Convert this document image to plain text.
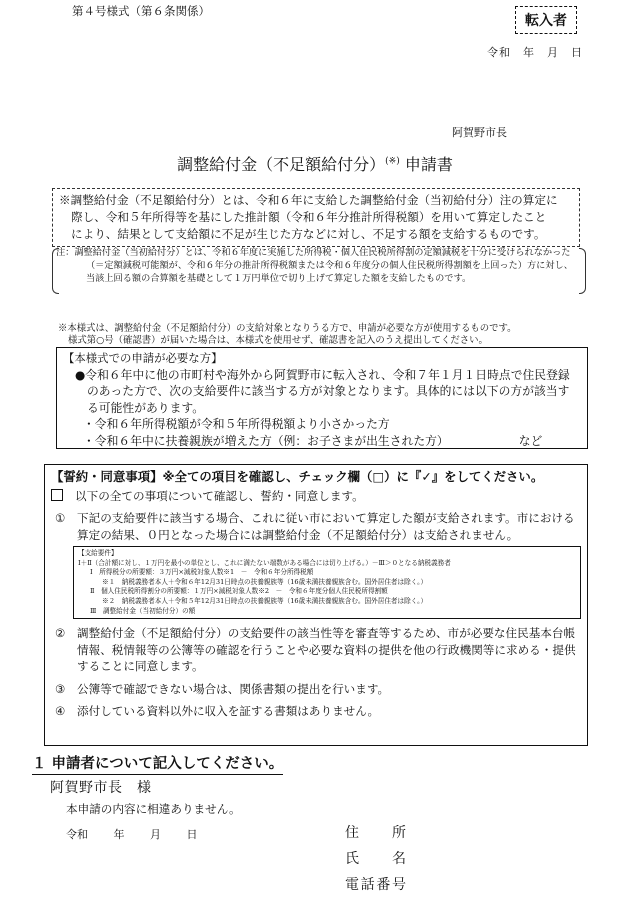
第４号様式（第６条関係）
転入者
令和　年　月　日
阿賀野市長
調整給付金（不足額給付分）(※) 申請書
※調整給付金（不足額給付分）とは、令和６年に支給した調整給付金（当初給付分）注の算定に
際し、令和５年所得等を基にした推計額（令和６年分推計所得税額）を用いて算定したこと
により、結果として支給額に不足が生じた方などに対し、不足する額を支給するものです。
注：調整給付金（当初給付分）とは、令和６年度に実施した所得税・個人住民税所得割の定額減税を十分に受けられなかった（＝定額減税可能額が、令和６年分の推計所得税額または令和６年度分の個人住民税所得割額を上回った）方に対し、当該上回る額の合算額を基礎として１万円単位で切り上げて算定した額を支給したものです。
※本様式は、調整給付金（不足額給付分）の支給対象となりうる方で、申請が必要な方が使用するものです。
様式第○号（確認書）が届いた場合は、本様式を使用せず、確認書を記入のうえ提出してください。
【本様式での申請が必要な方】
●令和６年中に他の市町村や海外から阿賀野市に転入され、令和７年１月１日時点で住民登録のあった方で、次の支給要件に該当する方が対象となります。具体的には以下の方が該当する可能性があります。
・令和６年所得税額が令和５年所得税額より小さかった方
・令和６年中に扶養親族が増えた方（例：お子さまが出生された方）	など
【誓約・同意事項】※全ての項目を確認し、チェック欄（□）に『✓』をしてください。
以下の全ての事項について確認し、誓約・同意します。
① 下記の支給要件に該当する場合、これに従い市において算定した額が支給されます。市における算定の結果、０円となった場合には調整給付金（不足額給付分）は支給されません。
【支給要件】
Ⅰ＋Ⅱ（合計額に対し、１万円を最小の単位とし、これに満たない端数がある場合には切り上げる。）－Ⅲ＞０となる納税義務者
Ⅰ　所得税分の所要額：３万円×減税対象人数※1　－　令和６年分所得税額
※１　納税義務者本人＋令和６年12月31日時点の扶養親族等（16歳未満扶養親族含む。国外居住者は除く。）
Ⅱ　個人住民税所得割分の所要額：１万円×減税対象人数※2　－　令和６年度分個人住民税所得割額
※２　納税義務者本人＋令和５年12月31日時点の扶養親族等（16歳未満扶養親族含む。国外居住者は除く。）
Ⅲ　調整給付金（当初給付分）の額
② 調整給付金（不足額給付分）の支給要件の該当性等を審査等するため、市が必要な住民基本台帳情報、税情報等の公簿等の確認を行うことや必要な資料の提供を他の行政機関等に求める・提供することに同意します。
③ 公簿等で確認できない場合は、関係書類の提出を行います。
④ 添付している資料以外に収入を証する書類はありません。
１ 申請者について記入してください。
阿賀野市長　様
本申請の内容に相違ありません。
令和 年 月 日	住所
氏名
電話番号
